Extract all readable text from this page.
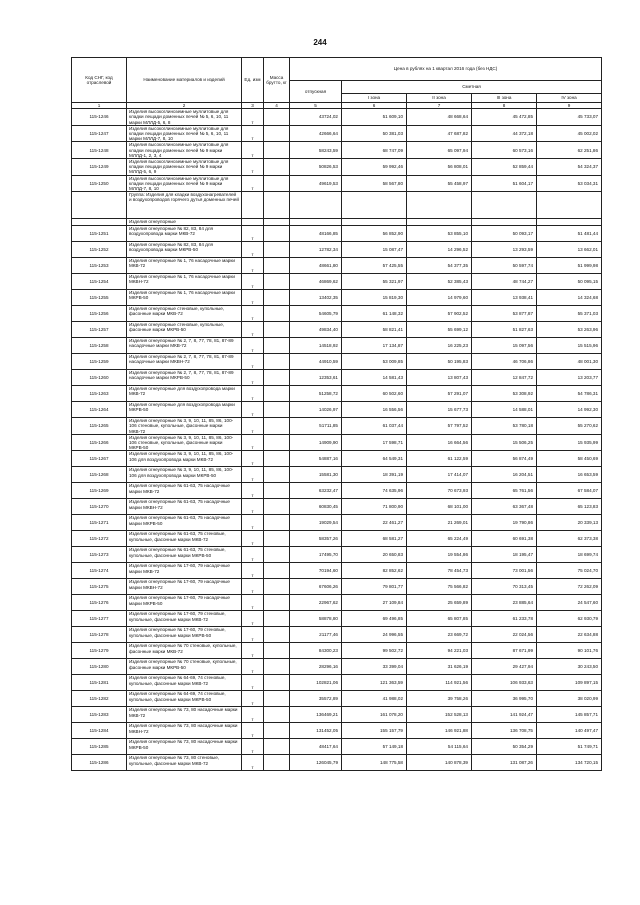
244
Код СНГ, код отраслевой	Наименование материалов и изделий	Ед. изм	Масса брутто, кг	Цена в рублях на 1 квартал 2016 года (без НДС)				
				отпускная	Сметная			
					I зона	II зона	III зона	IV зона
1	2	3	4	5	6	7	8	9
115-1246	Изделия высокоглиноземные муллитовые для кладки лещади доменных печей № 5, 6, 10, 11 марки МЛЛД-5, 6, 8	т		43724,02	51 609,10	48 668,64	45 472,85	45 733,07
115-1247	Изделия высокоглиноземные муллитовые для кладки лещади доменных печей № 5, 6, 10, 11 марки МЛЛД-7, 8, 10	т		42666,64	50 381,03	47 687,82	44 372,18	45 002,02
115-1248	Изделия высокоглиноземные муллитовые для кладки лещади доменных печей № 9 марки МЛЛД-1, 2, 3, 4	т		58243,59	68 747,09	65 097,94	60 573,16	62 251,86
115-1249	Изделия высокоглиноземные муллитовые для кладки лещади доменных печей № 9 марки МЛЛД-5, 6, 9	т		50826,53	59 992,46	56 808,01	52 859,44	54 324,37
115-1250	Изделия высокоглиноземные муллитовые для кладки лещади доменных печей № 9 марки МЛЛД-7, 8, 10	т		49619,53	58 567,80	55 458,97	51 604,17	53 034,31
	Группа: Изделия для кладки воздухонагревателей и воздухопроводов горячего дутья доменных печей							
	Изделия огнеупорные							
115-1251	Изделия огнеупорные № 82, 83, 84 для воздухопровода марки МКВ-72	т		48166,85	56 852,90	53 855,10	50 093,17	51 481,44
115-1252	Изделия огнеупорные № 82, 83, 84 для воздухопровода марки МКРВ-50	т		12782,34	15 087,47	14 296,52	13 293,59	13 662,01
115-1253	Изделия огнеупорные № 1, 76 насадочные марки МКВ-72	т		48661,80	57 425,55	54 377,35	50 597,74	51 999,98
115-1254	Изделия огнеупорные № 1, 76 насадочные марки МКВН-72	т		46869,62	55 321,97	52 385,43	48 744,27	50 095,15
115-1255	Изделия огнеупорные № 1, 76 насадочные марки МКРВ-50	т		13402,35	15 819,30	14 979,60	13 938,41	14 324,68
115-1256	Изделия огнеупорные стеновые, купольные, фасонные марки МКВ-72	т		54605,79	61 148,32	57 902,52	53 877,87	55 371,03
115-1257	Изделия огнеупорные стеновые, купольные, фасонные марки МКРВ-50	т		49834,40	58 821,41	55 699,12	51 827,63	53 263,96
115-1258	Изделия огнеупорные № 2, 7, 8, 77, 78, 81, 87-89 насадочные марки МКВ-72	т		14518,92	17 134,87	16 225,23	15 097,56	15 515,96
115-1259	Изделия огнеупорные № 2, 7, 8, 77, 78, 81, 87-89 насадочные марки МКВН-72	т		44910,59	53 009,85	50 195,83	46 706,86	48 001,30
115-1260	Изделия огнеупорные № 2, 7, 8, 77, 78, 81, 87-89 насадочные марки МКРВ-50	т		12353,61	14 581,43	13 807,43	12 847,72	13 203,77
115-1263	Изделия огнеупорные для воздухопровода марки МКВ-72	т		51258,72	60 502,60	57 291,07	53 308,92	54 786,31
115-1264	Изделия огнеупорные для воздухопровода марки МКРВ-50	т		14026,97	16 556,56	15 677,73	14 588,01	14 992,30
115-1265	Изделия огнеупорные № 3, 9, 10, 11, 85, 86, 100-106 стеновые, купольные, фасонные марки МКВ-72	т		51711,85	61 037,44	57 797,52	53 780,18	55 270,62
115-1266	Изделия огнеупорные № 3, 9, 10, 11, 85, 86, 100-106 стеновые, купольные, фасонные марки МКРВ-50	т		14909,90	17 598,71	16 664,56	15 506,25	15 935,99
115-1267	Изделия огнеупорные № 3, 9, 10, 11, 85, 86, 100-106 для воздухопровода марки МКВ-72	т		54887,16	64 549,31	61 122,59	56 874,49	58 450,69
115-1268	Изделия огнеупорные № 3, 9, 10, 11, 85, 86, 100-106 для воздухопровода марки МКРВ-50	т		15581,30	18 391,19	17 414,07	16 204,51	16 653,59
115-1269	Изделия огнеупорные № 61-63, 75 насадочные марки МКВ-72	т		63232,47	74 635,96	70 673,93	65 761,56	67 584,07
115-1270	Изделия огнеупорные № 61-63, 75 насадочные марки МКВН-72	т		60830,45	71 800,90	68 101,00	63 367,48	65 123,83
115-1271	Изделия огнеупорные № 61-63, 75 насадочные марки МКРВ-50	т		19029,54	22 461,27	21 269,01	19 790,86	20 339,13
115-1272	Изделия огнеупорные № 61-63, 75 стеновые, купольные, фасонные марки МКВ-72	т		58357,26	68 581,27	65 224,49	60 691,38	62 373,38
115-1273	Изделия огнеупорные № 61-63, 75 стеновые, купольные, фасонные марки МКРВ-50	т		17495,70	20 650,83	19 554,86	18 195,47	18 699,74
115-1274	Изделия огнеупорные № 17-60, 79 насадочные марки МКВ-72	т		70194,60	82 852,62	78 454,73	73 001,56	75 024,70
115-1275	Изделия огнеупорные № 17-60, 79 насадочные марки МКВН-72	т		67606,26	79 801,77	75 566,82	70 313,45	72 262,09
115-1276	Изделия огнеупорные № 17-60, 79 насадочные марки МКРВ-50	т		22967,62	27 109,84	25 659,89	23 885,64	24 547,60
115-1277	Изделия огнеупорные № 17-60, 79 стеновые, купольные, фасонные марки МКВ-72	т		58878,80	69 496,85	65 807,85	61 233,78	62 930,79
115-1278	Изделия огнеупорные № 17-60, 79 стеновые, купольные, фасонные марки МКРВ-50	т		21177,46	24 996,55	23 669,72	22 024,56	22 634,88
115-1279	Изделия огнеупорные № 70 стеновые, купольные, фасонные марки МКВ-72	т		84300,23	99 502,72	94 221,03	87 671,99	90 101,76
115-1280	Изделия огнеупорные № 70 стеновые, купольные, фасонные марки МКРВ-50	т		28296,16	33 399,04	31 626,19	29 427,94	30 243,50
115-1281	Изделия огнеупорные № 64-69, 74 стеновые, купольные, фасонные марки МКВ-72	т		102821,06	121 363,59	114 921,56	106 933,63	109 897,15
115-1282	Изделия огнеупорные № 64-69, 74 стеновые, купольные, фасонные марки МКРВ-50	т		35572,89	41 988,02	39 758,26	36 995,70	38 020,99
115-1283	Изделия огнеупорные № 73, 80 насадочные марки МКВ-72	т		136469,21	161 078,20	152 528,13	141 924,47	145 857,71
115-1284	Изделия огнеупорные № 73, 80 насадочные марки МКВН-72	т		131452,05	155 157,79	146 921,88	136 708,75	140 497,47
115-1285	Изделия огнеупорные № 73, 80 насадочные марки МКРВ-50	т		48417,64	57 149,18	54 115,64	50 354,29	51 749,71
115-1286	Изделия огнеупорные № 73, 80 стеновые, купольные, фасонные марки МКВ-72	т		126045,79	148 775,58	140 878,39	131 087,26	134 720,15
